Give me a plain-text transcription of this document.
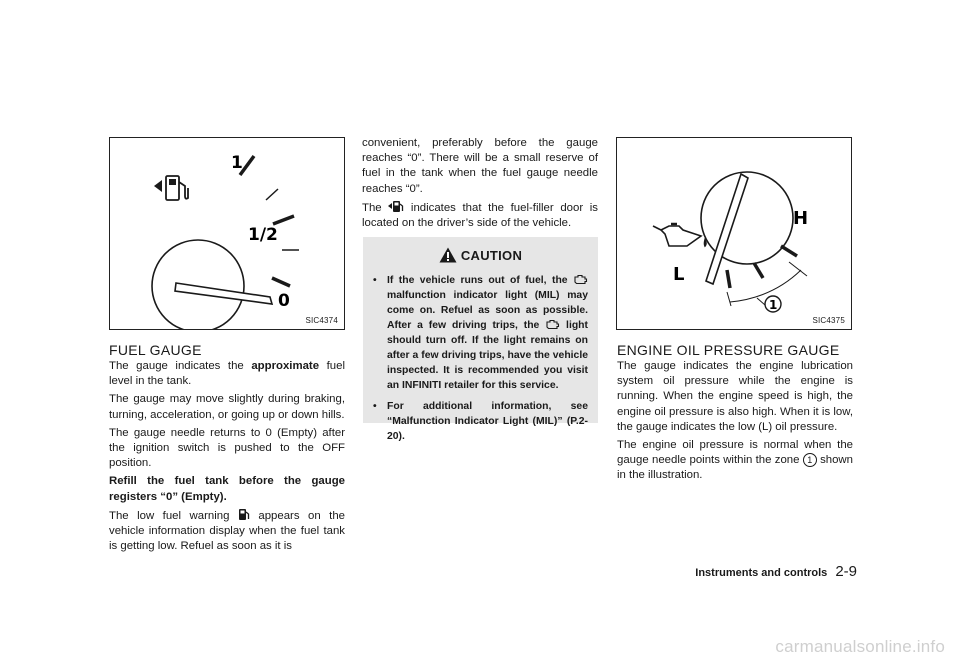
1
1/2
0
SIC4374
FUEL GAUGE

The gauge indicates the approximate fuel level in the tank.

The gauge may move slightly during braking, turning, acceleration, or going up or down hills.

The gauge needle returns to 0 (Empty) after the ignition switch is pushed to the OFF position.

Refill the fuel tank before the gauge registers “0” (Empty).

The low fuel warning  appears on the vehicle information display when the fuel tank is getting low. Refuel as soon as it is

convenient, preferably before the gauge reaches “0”. There will be a small reserve of fuel in the tank when the fuel gauge needle reaches “0”.

The  indicates that the fuel-filler door is located on the driver’s side of the vehicle.

CAUTION
• If the vehicle runs out of fuel, the  malfunction indicator light (MIL) may come on. Refuel as soon as possible. After a few driving trips, the  light should turn off. If the light remains on after a few driving trips, have the vehicle inspected. It is recommended you visit an INFINITI retailer for this service.
• For additional information, see “Malfunction Indicator Light (MIL)” (P.2-20).
H
L
1
SIC4375
ENGINE OIL PRESSURE GAUGE

The gauge indicates the engine lubrication system oil pressure while the engine is running. When the engine speed is high, the engine oil pressure is also high. When it is low, the gauge indicates the low (L) oil pressure.

The engine oil pressure is normal when the gauge needle points within the zone 1 shown in the illustration.

Instruments and controls 2-9
carmanualsonline.info
